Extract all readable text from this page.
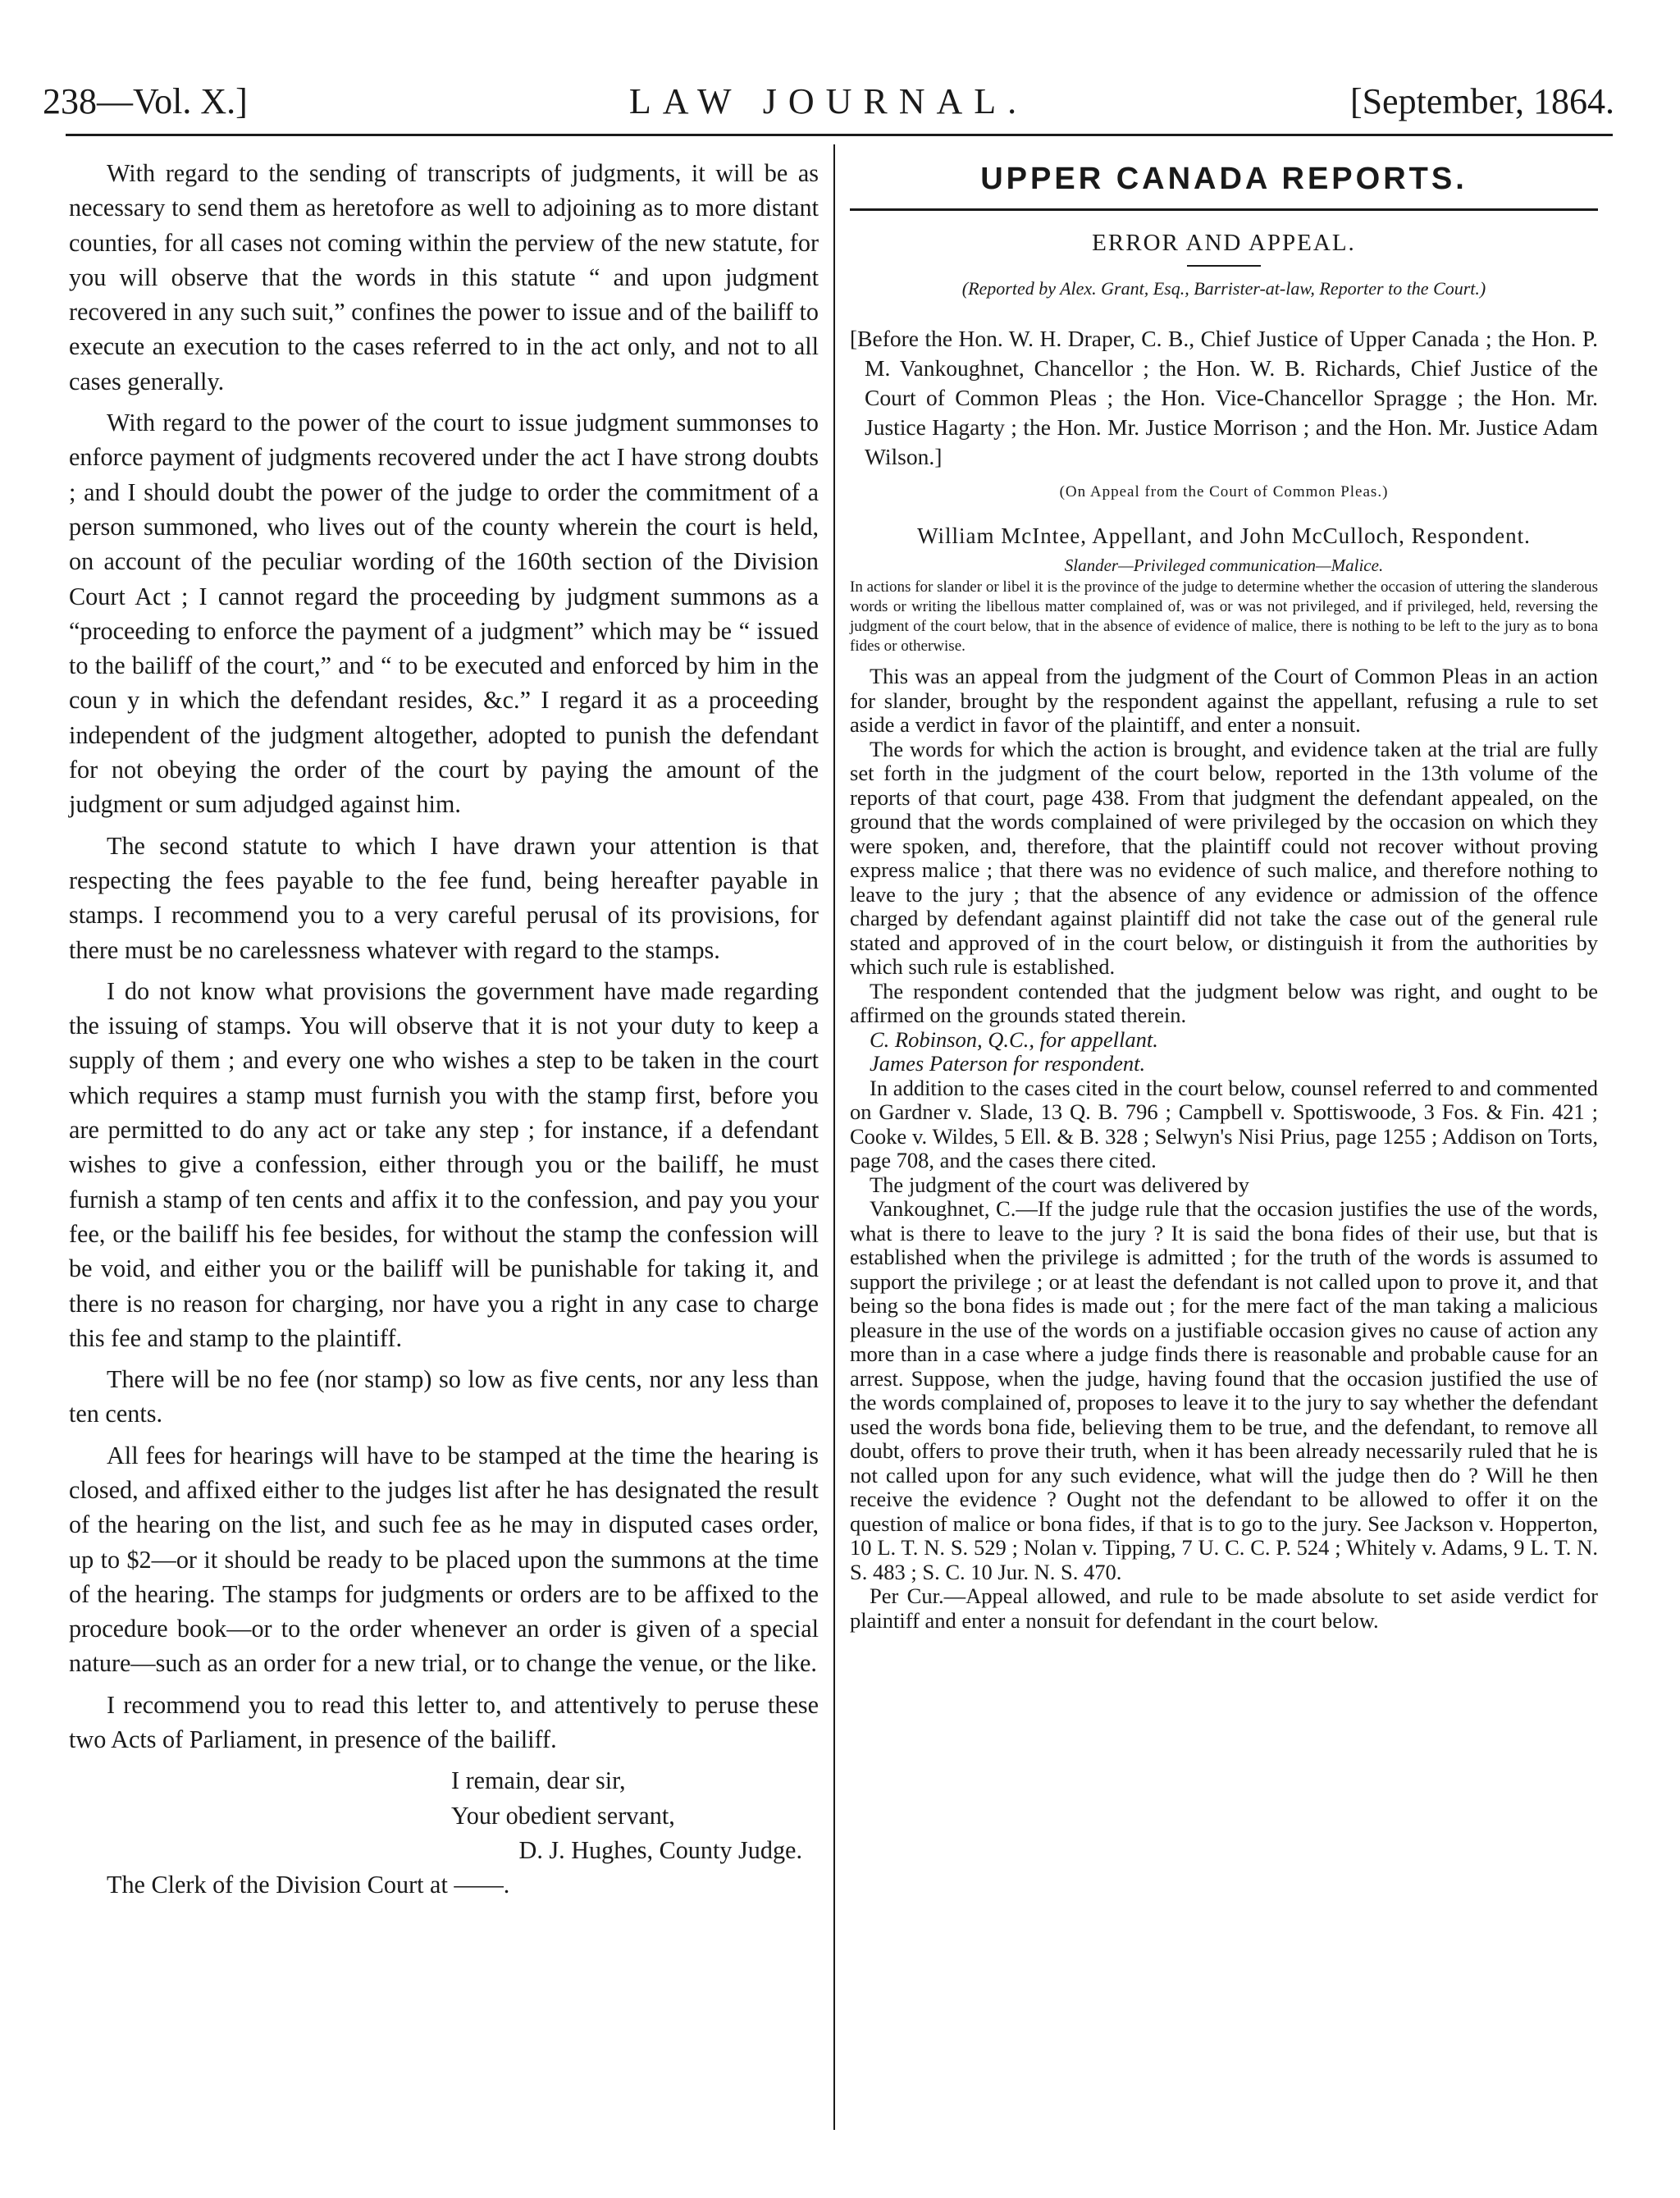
238—Vol. X.]	LAW JOURNAL.	[September, 1864.

With regard to the sending of transcripts of judgments, it will be as necessary to send them as heretofore as well to adjoining as to more distant counties, for all cases not coming within the perview of the new statute, for you will observe that the words in this statute “ and upon judgment recovered in any such suit,” confines the power to issue and of the bailiff to execute an execution to the cases referred to in the act only, and not to all cases generally.

With regard to the power of the court to issue judgment summonses to enforce payment of judgments recovered under the act I have strong doubts ; and I should doubt the power of the judge to order the commitment of a person summoned, who lives out of the county wherein the court is held, on account of the peculiar wording of the 160th section of the Division Court Act ; I cannot regard the proceeding by judgment summons as a “proceeding to enforce the payment of a judgment” which may be “ issued to the bailiff of the court,” and “ to be executed and enforced by him in the coun y in which the defendant resides, &c.” I regard it as a proceeding independent of the judgment altogether, adopted to punish the defendant for not obeying the order of the court by paying the amount of the judgment or sum adjudged against him.

The second statute to which I have drawn your attention is that respecting the fees payable to the fee fund, being hereafter payable in stamps. I recommend you to a very careful perusal of its provisions, for there must be no carelessness whatever with regard to the stamps.

I do not know what provisions the government have made regarding the issuing of stamps. You will observe that it is not your duty to keep a supply of them ; and every one who wishes a step to be taken in the court which requires a stamp must furnish you with the stamp first, before you are permitted to do any act or take any step ; for instance, if a defendant wishes to give a confession, either through you or the bailiff, he must furnish a stamp of ten cents and affix it to the confession, and pay you your fee, or the bailiff his fee besides, for without the stamp the confession will be void, and either you or the bailiff will be punishable for taking it, and there is no reason for charging, nor have you a right in any case to charge this fee and stamp to the plaintiff.

There will be no fee (nor stamp) so low as five cents, nor any less than ten cents.

All fees for hearings will have to be stamped at the time the hearing is closed, and affixed either to the judges list after he has designated the result of the hearing on the list, and such fee as he may in disputed cases order, up to $2—or it should be ready to be placed upon the summons at the time of the hearing. The stamps for judgments or orders are to be affixed to the procedure book—or to the order whenever an order is given of a special nature—such as an order for a new trial, or to change the venue, or the like.

I recommend you to read this letter to, and attentively to peruse these two Acts of Parliament, in presence of the bailiff.

I remain, dear sir,

Your obedient servant,

D. J. Hughes, County Judge.

The Clerk of the Division Court at ——.

UPPER CANADA REPORTS.

ERROR AND APPEAL.

(Reported by Alex. Grant, Esq., Barrister-at-law, Reporter to the Court.)

[Before the Hon. W. H. Draper, C. B., Chief Justice of Upper Canada ; the Hon. P. M. Vankoughnet, Chancellor ; the Hon. W. B. Richards, Chief Justice of the Court of Common Pleas ; the Hon. Vice-Chancellor Spragge ; the Hon. Mr. Justice Hagarty ; the Hon. Mr. Justice Morrison ; and the Hon. Mr. Justice Adam Wilson.]

(On Appeal from the Court of Common Pleas.)

William McIntee, Appellant, and John McCulloch, Respondent.

Slander—Privileged communication—Malice.

In actions for slander or libel it is the province of the judge to determine whether the occasion of uttering the slanderous words or writing the libellous matter complained of, was or was not privileged, and if privileged, held, reversing the judgment of the court below, that in the absence of evidence of malice, there is nothing to be left to the jury as to bona fides or otherwise.

This was an appeal from the judgment of the Court of Common Pleas in an action for slander, brought by the respondent against the appellant, refusing a rule to set aside a verdict in favor of the plaintiff, and enter a nonsuit.

The words for which the action is brought, and evidence taken at the trial are fully set forth in the judgment of the court below, reported in the 13th volume of the reports of that court, page 438. From that judgment the defendant appealed, on the ground that the words complained of were privileged by the occasion on which they were spoken, and, therefore, that the plaintiff could not recover without proving express malice ; that there was no evidence of such malice, and therefore nothing to leave to the jury ; that the absence of any evidence or admission of the offence charged by defendant against plaintiff did not take the case out of the general rule stated and approved of in the court below, or distinguish it from the authorities by which such rule is established.

The respondent contended that the judgment below was right, and ought to be affirmed on the grounds stated therein.

C. Robinson, Q.C., for appellant.

James Paterson for respondent.

In addition to the cases cited in the court below, counsel referred to and commented on Gardner v. Slade, 13 Q. B. 796 ; Campbell v. Spottiswoode, 3 Fos. & Fin. 421 ; Cooke v. Wildes, 5 Ell. & B. 328 ; Selwyn's Nisi Prius, page 1255 ; Addison on Torts, page 708, and the cases there cited.

The judgment of the court was delivered by

Vankoughnet, C.—If the judge rule that the occasion justifies the use of the words, what is there to leave to the jury ? It is said the bona fides of their use, but that is established when the privilege is admitted ; for the truth of the words is assumed to support the privilege ; or at least the defendant is not called upon to prove it, and that being so the bona fides is made out ; for the mere fact of the man taking a malicious pleasure in the use of the words on a justifiable occasion gives no cause of action any more than in a case where a judge finds there is reasonable and probable cause for an arrest. Suppose, when the judge, having found that the occasion justified the use of the words complained of, proposes to leave it to the jury to say whether the defendant used the words bona fide, believing them to be true, and the defendant, to remove all doubt, offers to prove their truth, when it has been already necessarily ruled that he is not called upon for any such evidence, what will the judge then do ? Will he then receive the evidence ? Ought not the defendant to be allowed to offer it on the question of malice or bona fides, if that is to go to the jury. See Jackson v. Hopperton, 10 L. T. N. S. 529 ; Nolan v. Tipping, 7 U. C. C. P. 524 ; Whitely v. Adams, 9 L. T. N. S. 483 ; S. C. 10 Jur. N. S. 470.

Per Cur.—Appeal allowed, and rule to be made absolute to set aside verdict for plaintiff and enter a nonsuit for defendant in the court below.
